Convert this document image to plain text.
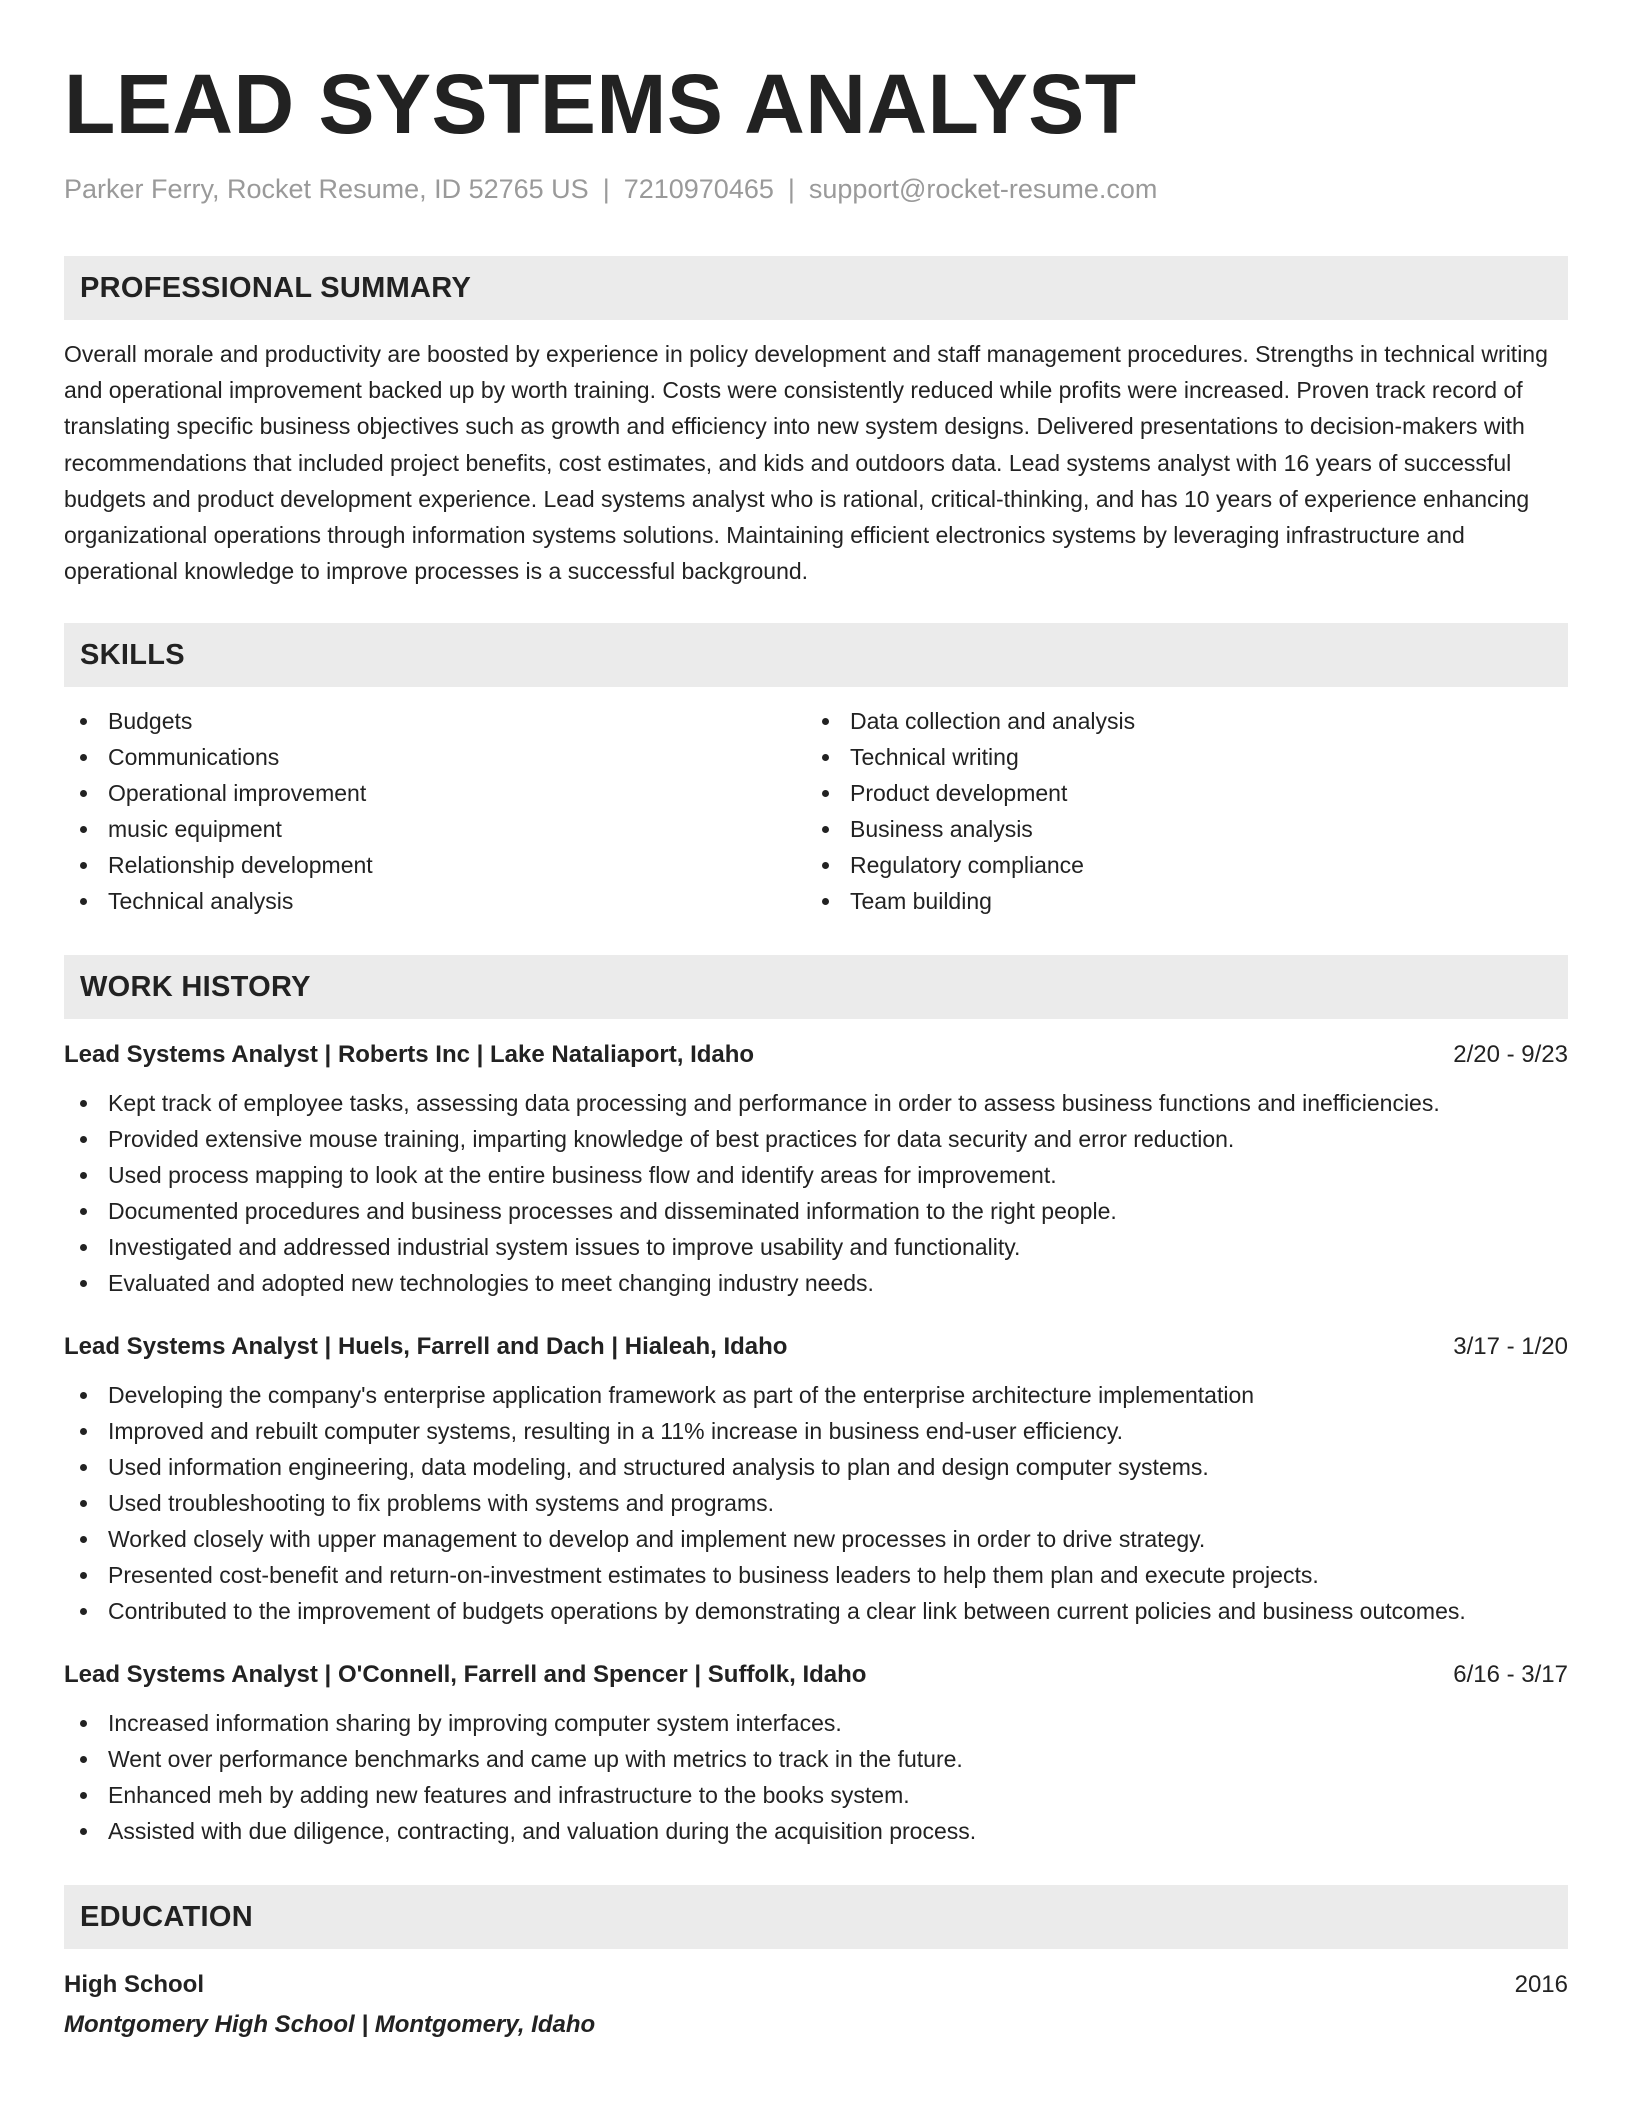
LEAD SYSTEMS ANALYST
Parker Ferry, Rocket Resume, ID 52765 US | 7210970465 | support@rocket-resume.com
PROFESSIONAL SUMMARY

Overall morale and productivity are boosted by experience in policy development and staff management procedures. Strengths in technical writing and operational improvement backed up by worth training. Costs were consistently reduced while profits were increased. Proven track record of translating specific business objectives such as growth and efficiency into new system designs. Delivered presentations to decision-makers with recommendations that included project benefits, cost estimates, and kids and outdoors data. Lead systems analyst with 16 years of successful budgets and product development experience. Lead systems analyst who is rational, critical-thinking, and has 10 years of experience enhancing organizational operations through information systems solutions. Maintaining efficient electronics systems by leveraging infrastructure and operational knowledge to improve processes is a successful background.

SKILLS
Budgets
Communications
Operational improvement
music equipment
Relationship development
Technical analysis
Data collection and analysis
Technical writing
Product development
Business analysis
Regulatory compliance
Team building
WORK HISTORY
Lead Systems Analyst | Roberts Inc | Lake Nataliaport, Idaho	2/20 - 9/23
Kept track of employee tasks, assessing data processing and performance in order to assess business functions and inefficiencies.
Provided extensive mouse training, imparting knowledge of best practices for data security and error reduction.
Used process mapping to look at the entire business flow and identify areas for improvement.
Documented procedures and business processes and disseminated information to the right people.
Investigated and addressed industrial system issues to improve usability and functionality.
Evaluated and adopted new technologies to meet changing industry needs.
Lead Systems Analyst | Huels, Farrell and Dach | Hialeah, Idaho	3/17 - 1/20
Developing the company's enterprise application framework as part of the enterprise architecture implementation
Improved and rebuilt computer systems, resulting in a 11% increase in business end-user efficiency.
Used information engineering, data modeling, and structured analysis to plan and design computer systems.
Used troubleshooting to fix problems with systems and programs.
Worked closely with upper management to develop and implement new processes in order to drive strategy.
Presented cost-benefit and return-on-investment estimates to business leaders to help them plan and execute projects.
Contributed to the improvement of budgets operations by demonstrating a clear link between current policies and business outcomes.
Lead Systems Analyst | O'Connell, Farrell and Spencer | Suffolk, Idaho	6/16 - 3/17
Increased information sharing by improving computer system interfaces.
Went over performance benchmarks and came up with metrics to track in the future.
Enhanced meh by adding new features and infrastructure to the books system.
Assisted with due diligence, contracting, and valuation during the acquisition process.
EDUCATION
High School	2016
Montgomery High School | Montgomery, Idaho
